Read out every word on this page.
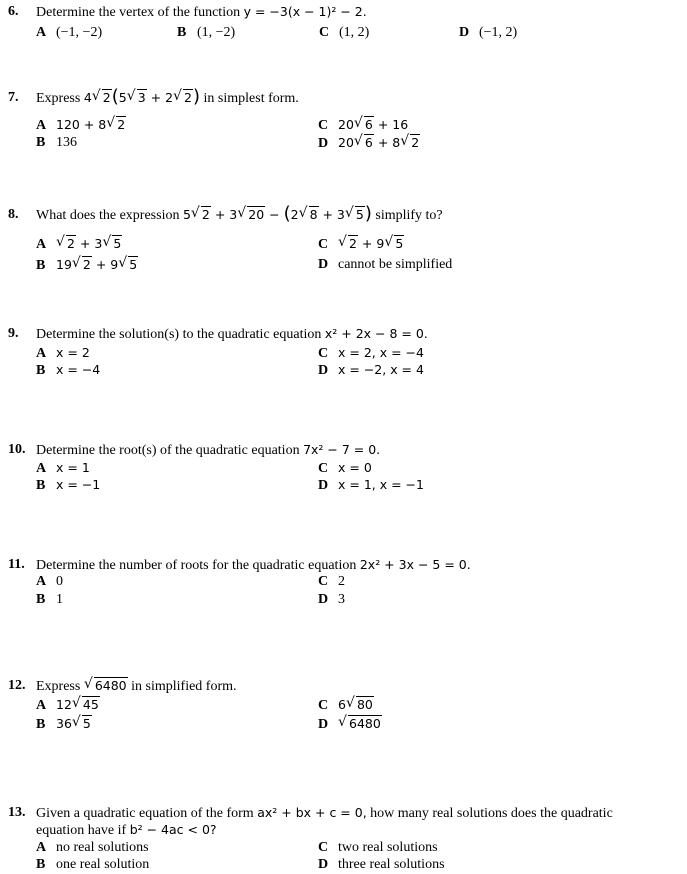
6. Determine the vertex of the function y = −3(x − 1)² − 2.
A (−1, −2)	B (1, −2)	C (1, 2)	D (−1, 2)
7. Express 4 √ 2(5 √ 3 + 2 √ 2) in simplest form.
A 120 + 8 √ 2
B 136
C 20 √ 6 + 16
D 20 √ 6 + 8 √ 2
8. What does the expression 5 √ 2 + 3 √ 20 − (2 √ 8 + 3 √ 5) simplify to?
A √ 2 + 3 √ 5
B 19 √ 2 + 9 √ 5
C √ 2 + 9 √ 5
D cannot be simplified
9. Determine the solution(s) to the quadratic equation x² + 2x − 8 = 0.
A x = 2
B x = −4
C x = 2, x = −4
D x = −2, x = 4
10. Determine the root(s) of the quadratic equation 7x² − 7 = 0.
A x = 1
B x = −1
C x = 0
D x = 1, x = −1
11. Determine the number of roots for the quadratic equation 2x² + 3x − 5 = 0.
A 0
B 1
C 2
D 3
12. Express √ 6480 in simplified form.
A 12 √ 45
B 36 √ 5
C 6 √ 80
D √ 6480
13. Given a quadratic equation of the form ax² + bx + c = 0, how many real solutions does the quadratic
equation have if b² − 4ac < 0?
A no real solutions
B one real solution
C two real solutions
D three real solutions
